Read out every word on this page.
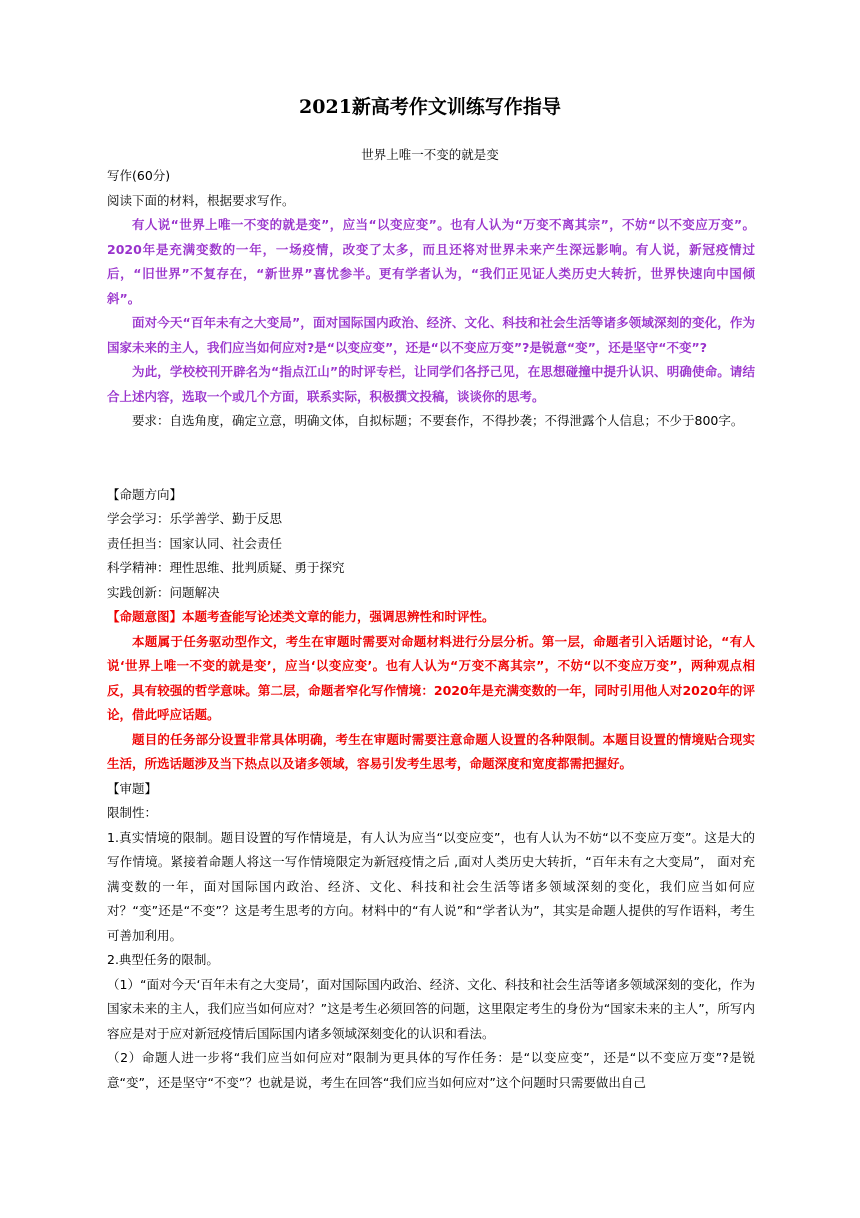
2021新高考作文训练写作指导
世界上唯一不变的就是变

写作(60分)

阅读下面的材料，根据要求写作。

有人说“世界上唯一不变的就是变”，应当“以变应变”。也有人认为“万变不离其宗”，不妨“以不变应万变”。2020年是充满变数的一年，一场疫情，改变了太多，而且还将对世界未来产生深远影响。有人说，新冠疫情过后，“旧世界”不复存在，“新世界”喜忧参半。更有学者认为，“我们正见证人类历史大转折，世界快速向中国倾斜”。

面对今天“百年未有之大变局”，面对国际国内政治、经济、文化、科技和社会生活等诸多领域深刻的变化，作为国家未来的主人，我们应当如何应对?是“以变应变”，还是“以不变应万变”?是锐意“变”，还是坚守“不变”?

为此，学校校刊开辟名为“指点江山”的时评专栏，让同学们各抒己见，在思想碰撞中提升认识、明确使命。请结合上述内容，选取一个或几个方面，联系实际，积极撰文投稿，谈谈你的思考。

要求：自选角度，确定立意，明确文体，自拟标题；不要套作，不得抄袭；不得泄露个人信息；不少于800字。

【命题方向】

学会学习：乐学善学、勤于反思

责任担当：国家认同、社会责任

科学精神：理性思维、批判质疑、勇于探究

实践创新：问题解决

【命题意图】本题考查能写论述类文章的能力，强调思辨性和时评性。

本题属于任务驱动型作文，考生在审题时需要对命题材料进行分层分析。第一层，命题者引入话题讨论，“有人说‘世界上唯一不变的就是变’，应当‘以变应变’。也有人认为“万变不离其宗”，不妨“以不变应万变”，两种观点相反，具有较强的哲学意味。第二层，命题者窄化写作情境：2020年是充满变数的一年，同时引用他人对2020年的评论，借此呼应话题。

题目的任务部分设置非常具体明确，考生在审题时需要注意命题人设置的各种限制。本题目设置的情境贴合现实生活，所选话题涉及当下热点以及诸多领域，容易引发考生思考，命题深度和宽度都需把握好。

【审题】

限制性：

1.真实情境的限制。题目设置的写作情境是，有人认为应当“以变应变”，也有人认为不妨“以不变应万变”。这是大的写作情境。紧接着命题人将这一写作情境限定为新冠疫情之后 ,面对人类历史大转折，“百年未有之大变局”， 面对充满变数的一年，面对国际国内政治、经济、文化、科技和社会生活等诸多领域深刻的变化，我们应当如何应对？“变”还是“不变”？这是考生思考的方向。材料中的“有人说”和“学者认为”，其实是命题人提供的写作语料，考生可善加利用。

2.典型任务的限制。

（1）“面对今天‘百年未有之大变局’，面对国际国内政治、经济、文化、科技和社会生活等诸多领域深刻的变化，作为国家未来的主人，我们应当如何应对？”这是考生必须回答的问题，这里限定考生的身份为“国家未来的主人”，所写内容应是对于应对新冠疫情后国际国内诸多领域深刻变化的认识和看法。

（2）命题人进一步将“我们应当如何应对”限制为更具体的写作任务：是“以变应变”，还是“以不变应万变”?是锐意“变”，还是坚守“不变”？也就是说，考生在回答“我们应当如何应对”这个问题时只需要做出自己
